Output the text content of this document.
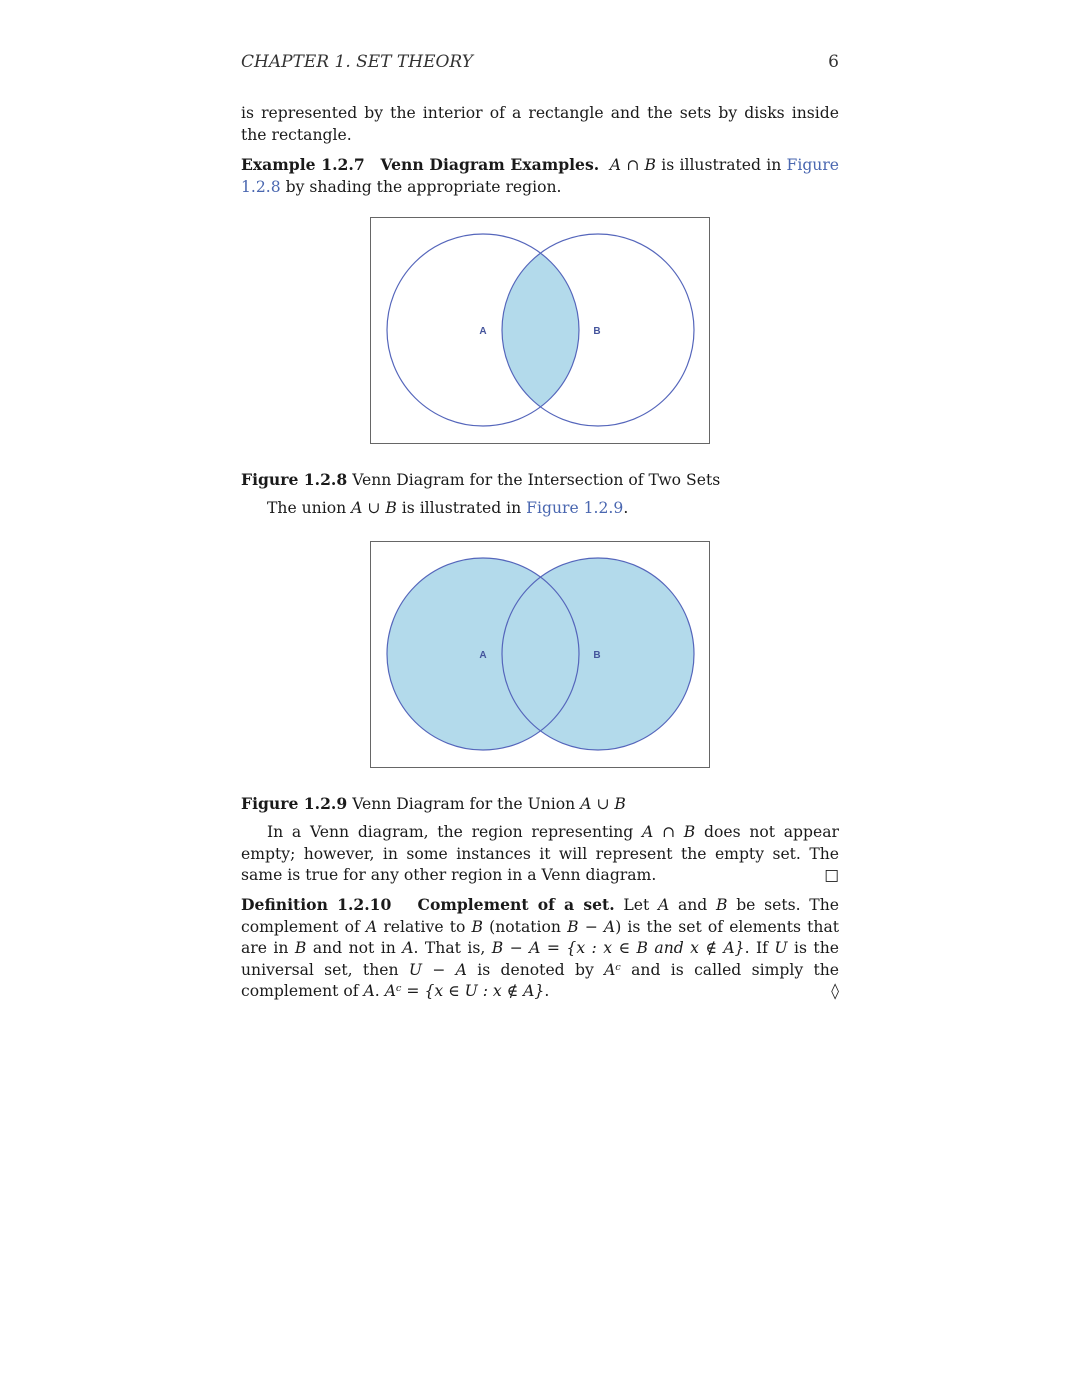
CHAPTER 1. SET THEORY	6
is represented by the interior of a rectangle and the sets by disks inside the rectangle.
Example 1.2.7 Venn Diagram Examples. A ∩ B is illustrated in Figure 1.2.8 by shading the appropriate region.
A	B
Figure 1.2.8 Venn Diagram for the Intersection of Two Sets
The union A ∪ B is illustrated in Figure 1.2.9.
A	B
Figure 1.2.9 Venn Diagram for the Union A ∪ B
In a Venn diagram, the region representing A ∩ B does not appear empty; however, in some instances it will represent the empty set. The same is true for any other region in a Venn diagram.	□
Definition 1.2.10 Complement of a set. Let A and B be sets. The complement of A relative to B (notation B − A) is the set of elements that are in B and not in A. That is, B − A = {x : x ∈ B and x ∉ A}. If U is the universal set, then U − A is denoted by Aᶜ and is called simply the complement of A. Aᶜ = {x ∈ U : x ∉ A}.	◊
